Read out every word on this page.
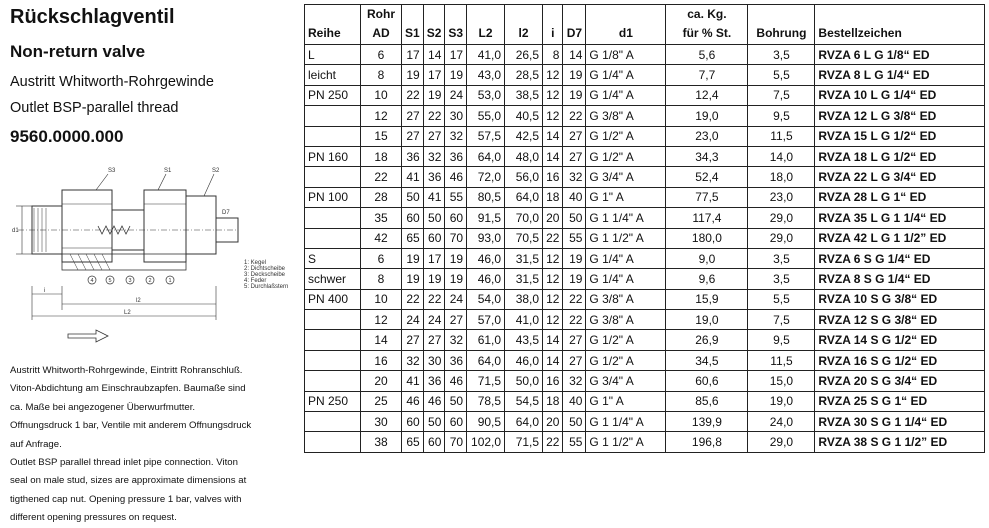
Rückschlagventil
Non-return valve
Austritt Whitworth-Rohrgewinde
Outlet BSP-parallel thread
9560.0000.000
4	5	3	2	1
S3	S1	S2
d1
D7
i
l2
L2
1: Kegel
2: Dichtscheibe
3: Deckscheibe
4: Feder
5: Durchlaßstern

Austritt Whitworth-Rohrgewinde, Eintritt Rohranschluß.

Viton-Abdichtung am Einschraubzapfen. Baumaße sind

ca. Maße bei angezogener Überwurfmutter.

Offnungsdruck 1 bar, Ventile mit anderem Offnungsdruck

auf Anfrage.

Outlet BSP parallel thread inlet pipe connection. Viton

seal on male stud, sizes are approximate dimensions at

tigthened cap nut. Opening pressure 1 bar, valves with

different opening pressures on request.

	Rohr									ca. Kg.		
Reihe	AD	S1	S2	S3	L2	l2	i	D7	d1	für % St.	Bohrung	Bestellzeichen
L	6	17	14	17	41,0	26,5	8	14	G 1/8" A	5,6	3,5	RVZA 6 L G 1/8“ ED
leicht	8	19	17	19	43,0	28,5	12	19	G 1/4" A	7,7	5,5	RVZA 8 L G 1/4“ ED
PN 250	10	22	19	24	53,0	38,5	12	19	G 1/4" A	12,4	7,5	RVZA 10 L G 1/4“ ED
	12	27	22	30	55,0	40,5	12	22	G 3/8" A	19,0	9,5	RVZA 12 L G 3/8“ ED
	15	27	27	32	57,5	42,5	14	27	G 1/2" A	23,0	11,5	RVZA 15 L G 1/2“ ED
PN 160	18	36	32	36	64,0	48,0	14	27	G 1/2" A	34,3	14,0	RVZA 18 L G 1/2“ ED
	22	41	36	46	72,0	56,0	16	32	G 3/4" A	52,4	18,0	RVZA 22 L G 3/4“ ED
PN 100	28	50	41	55	80,5	64,0	18	40	G 1" A	77,5	23,0	RVZA 28 L G 1“ ED
	35	60	50	60	91,5	70,0	20	50	G 1 1/4" A	117,4	29,0	RVZA 35 L G 1 1/4“ ED
	42	65	60	70	93,0	70,5	22	55	G 1 1/2" A	180,0	29,0	RVZA 42 L G 1 1/2” ED
S	6	19	17	19	46,0	31,5	12	19	G 1/4" A	9,0	3,5	RVZA 6 S G 1/4“ ED
schwer	8	19	19	19	46,0	31,5	12	19	G 1/4" A	9,6	3,5	RVZA 8 S G 1/4“ ED
PN 400	10	22	22	24	54,0	38,0	12	22	G 3/8" A	15,9	5,5	RVZA 10 S G 3/8“ ED
	12	24	24	27	57,0	41,0	12	22	G 3/8" A	19,0	7,5	RVZA 12 S G 3/8“ ED
	14	27	27	32	61,0	43,5	14	27	G 1/2" A	26,9	9,5	RVZA 14 S G 1/2“ ED
	16	32	30	36	64,0	46,0	14	27	G 1/2" A	34,5	11,5	RVZA 16 S G 1/2“ ED
	20	41	36	46	71,5	50,0	16	32	G 3/4" A	60,6	15,0	RVZA 20 S G 3/4“ ED
PN 250	25	46	46	50	78,5	54,5	18	40	G 1" A	85,6	19,0	RVZA 25 S G 1“ ED
	30	60	50	60	90,5	64,0	20	50	G 1 1/4" A	139,9	24,0	RVZA 30 S G 1 1/4“ ED
	38	65	60	70	102,0	71,5	22	55	G 1 1/2" A	196,8	29,0	RVZA 38 S G 1 1/2” ED
